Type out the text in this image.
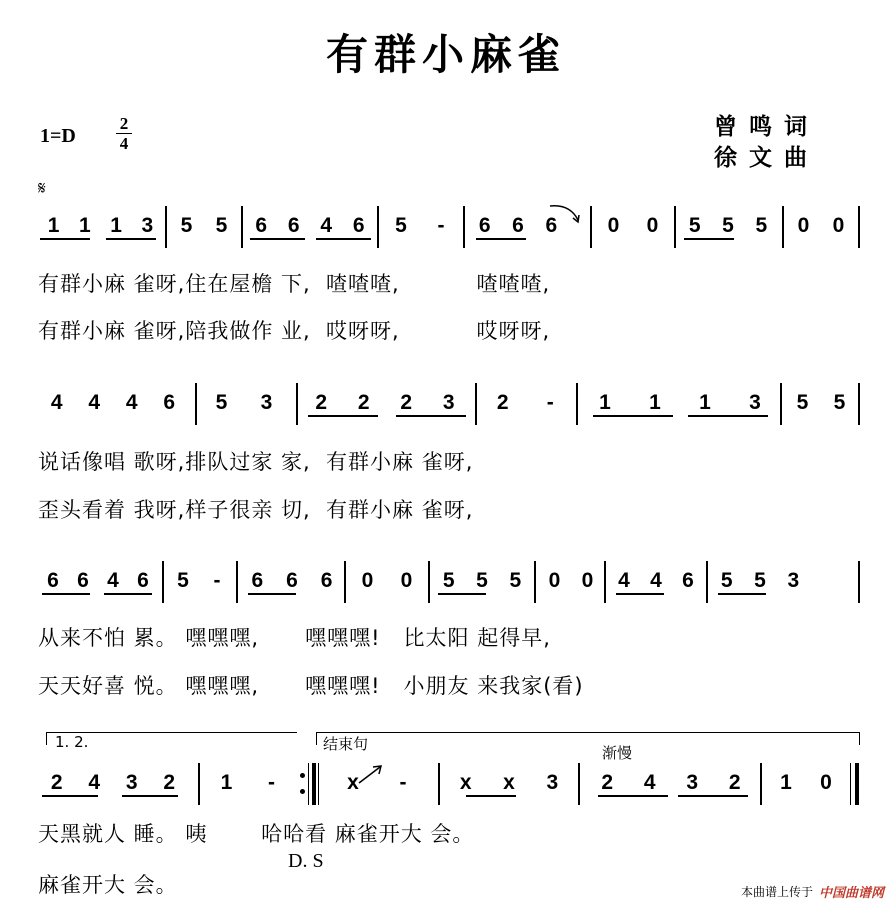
有群小麻雀
1=D
2
4
曾鸣词
徐文曲
𝄋
1 1 1 3 5 5 6 6 4 6 5 - 6 6 6 0 0 5 5 5 0 0
有群小麻 雀呀,住在屋檐 下,  喳喳喳,          喳喳喳,
有群小麻 雀呀,陪我做作 业,  哎呀呀,          哎呀呀,
4 4 4 6 5 3 2 2 2 3 2 - 1 1 1 3 5 5
说话像唱 歌呀,排队过家 家,  有群小麻 雀呀,
歪头看着 我呀,样子很亲 切,  有群小麻 雀呀,
6 6 4 6 5 - 6 6 6 0 0 5 5 5 0 0 4 4 6 5 5 3
从来不怕 累。 嘿嘿嘿,      嘿嘿嘿!   比太阳 起得早,
天天好喜 悦。 嘿嘿嘿,      嘿嘿嘿!   小朋友 来我家(看)
1. 2.	结束句	渐慢
2 4 3 2 1 -	x -	x x 3 2 4 3 2 1 0
天黑就人 睡。 咦       哈哈看 麻雀开大 会。
麻雀开大 会。
D. S
本曲谱上传于 中国曲谱网
